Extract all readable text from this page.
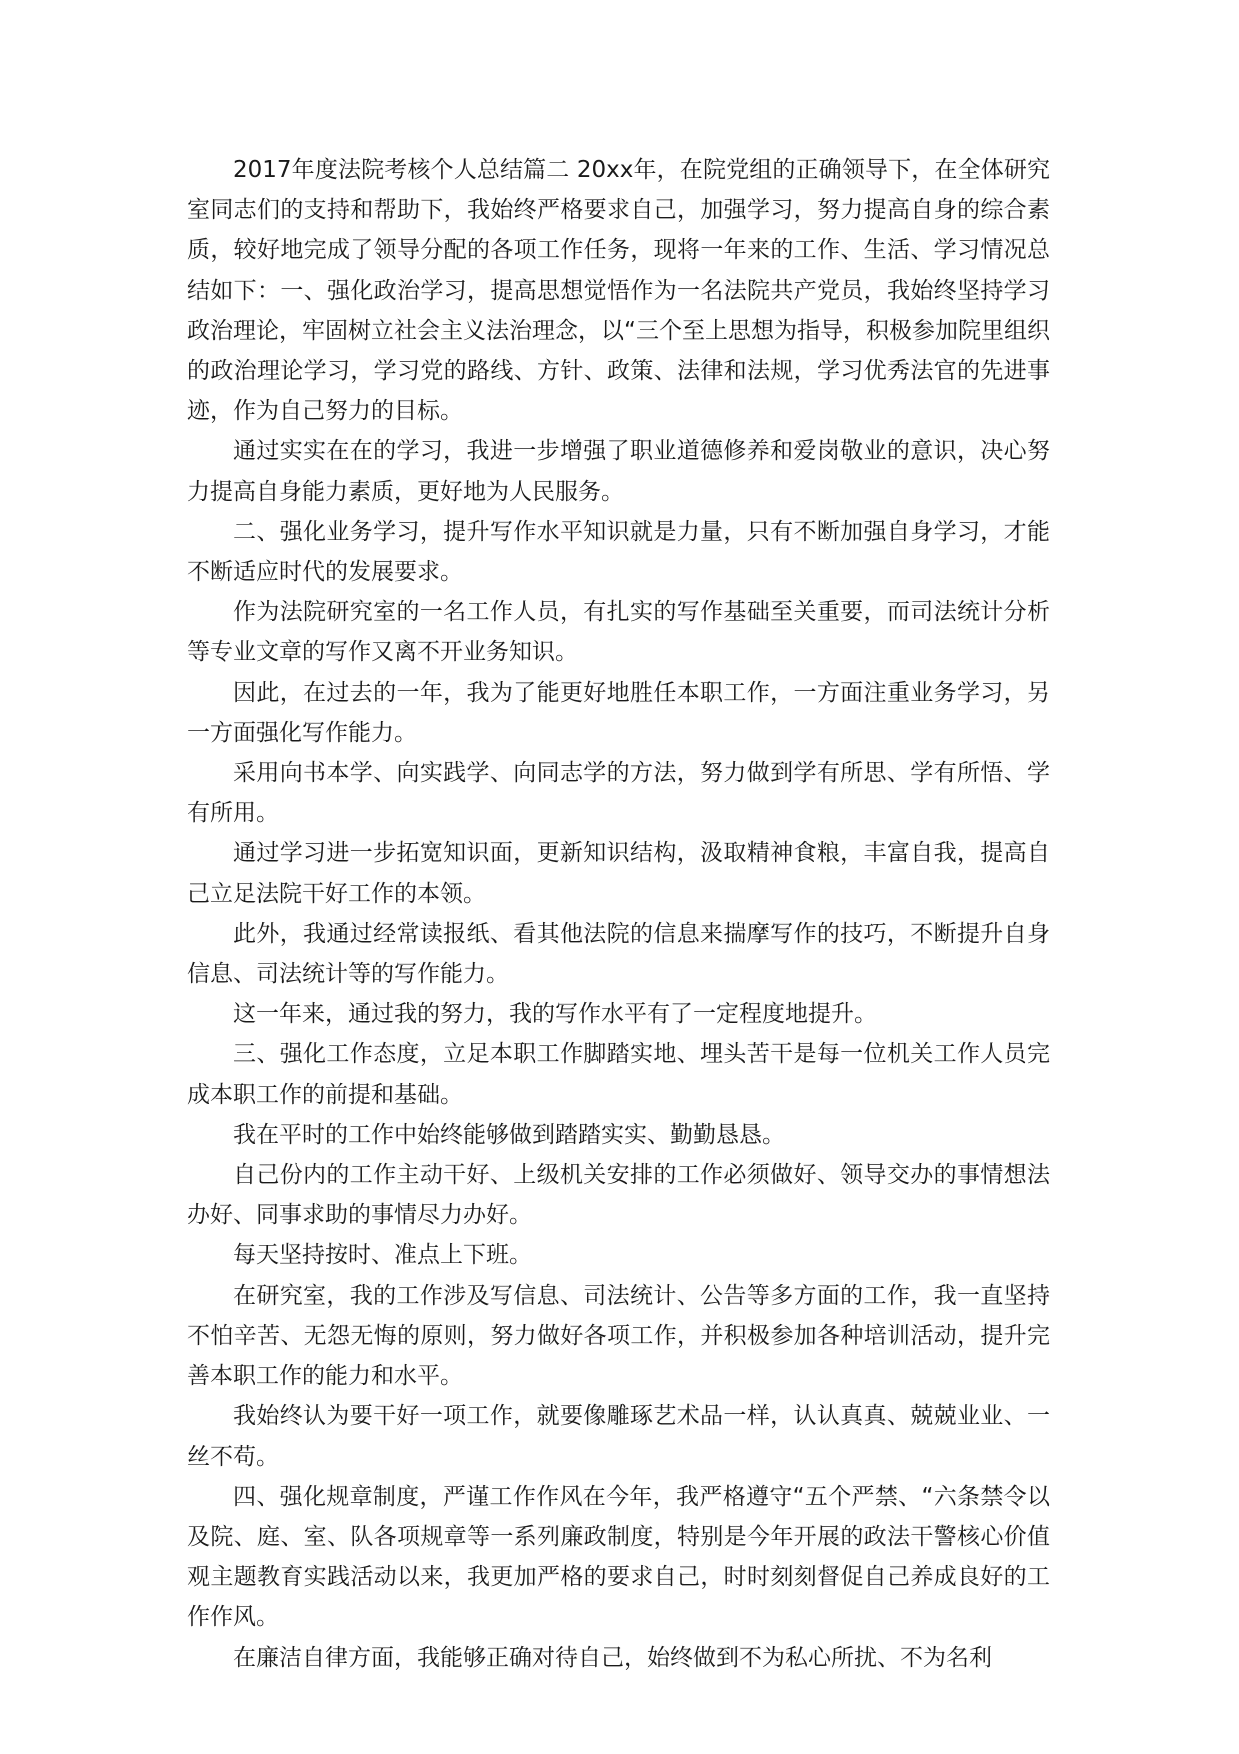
2017年度法院考核个人总结篇二 20xx年，在院党组的正确领导下，在全体研究室同志们的支持和帮助下，我始终严格要求自己，加强学习，努力提高自身的综合素质，较好地完成了领导分配的各项工作任务，现将一年来的工作、生活、学习情况总结如下：一、强化政治学习，提高思想觉悟作为一名法院共产党员，我始终坚持学习政治理论，牢固树立社会主义法治理念，以“三个至上思想为指导，积极参加院里组织的政治理论学习，学习党的路线、方针、政策、法律和法规，学习优秀法官的先进事迹，作为自己努力的目标。

通过实实在在的学习，我进一步增强了职业道德修养和爱岗敬业的意识，决心努力提高自身能力素质，更好地为人民服务。

二、强化业务学习，提升写作水平知识就是力量，只有不断加强自身学习，才能不断适应时代的发展要求。

作为法院研究室的一名工作人员，有扎实的写作基础至关重要，而司法统计分析等专业文章的写作又离不开业务知识。

因此，在过去的一年，我为了能更好地胜任本职工作，一方面注重业务学习，另一方面强化写作能力。

采用向书本学、向实践学、向同志学的方法，努力做到学有所思、学有所悟、学有所用。

通过学习进一步拓宽知识面，更新知识结构，汲取精神食粮，丰富自我，提高自己立足法院干好工作的本领。

此外，我通过经常读报纸、看其他法院的信息来揣摩写作的技巧，不断提升自身信息、司法统计等的写作能力。

这一年来，通过我的努力，我的写作水平有了一定程度地提升。

三、强化工作态度，立足本职工作脚踏实地、埋头苦干是每一位机关工作人员完成本职工作的前提和基础。

我在平时的工作中始终能够做到踏踏实实、勤勤恳恳。

自己份内的工作主动干好、上级机关安排的工作必须做好、领导交办的事情想法办好、同事求助的事情尽力办好。

每天坚持按时、准点上下班。

在研究室，我的工作涉及写信息、司法统计、公告等多方面的工作，我一直坚持不怕辛苦、无怨无悔的原则，努力做好各项工作，并积极参加各种培训活动，提升完善本职工作的能力和水平。

我始终认为要干好一项工作，就要像雕琢艺术品一样，认认真真、兢兢业业、一丝不苟。

四、强化规章制度，严谨工作作风在今年，我严格遵守“五个严禁、“六条禁令以及院、庭、室、队各项规章等一系列廉政制度，特别是今年开展的政法干警核心价值观主题教育实践活动以来，我更加严格的要求自己，时时刻刻督促自己养成良好的工作作风。

在廉洁自律方面，我能够正确对待自己，始终做到不为私心所扰、不为名利
